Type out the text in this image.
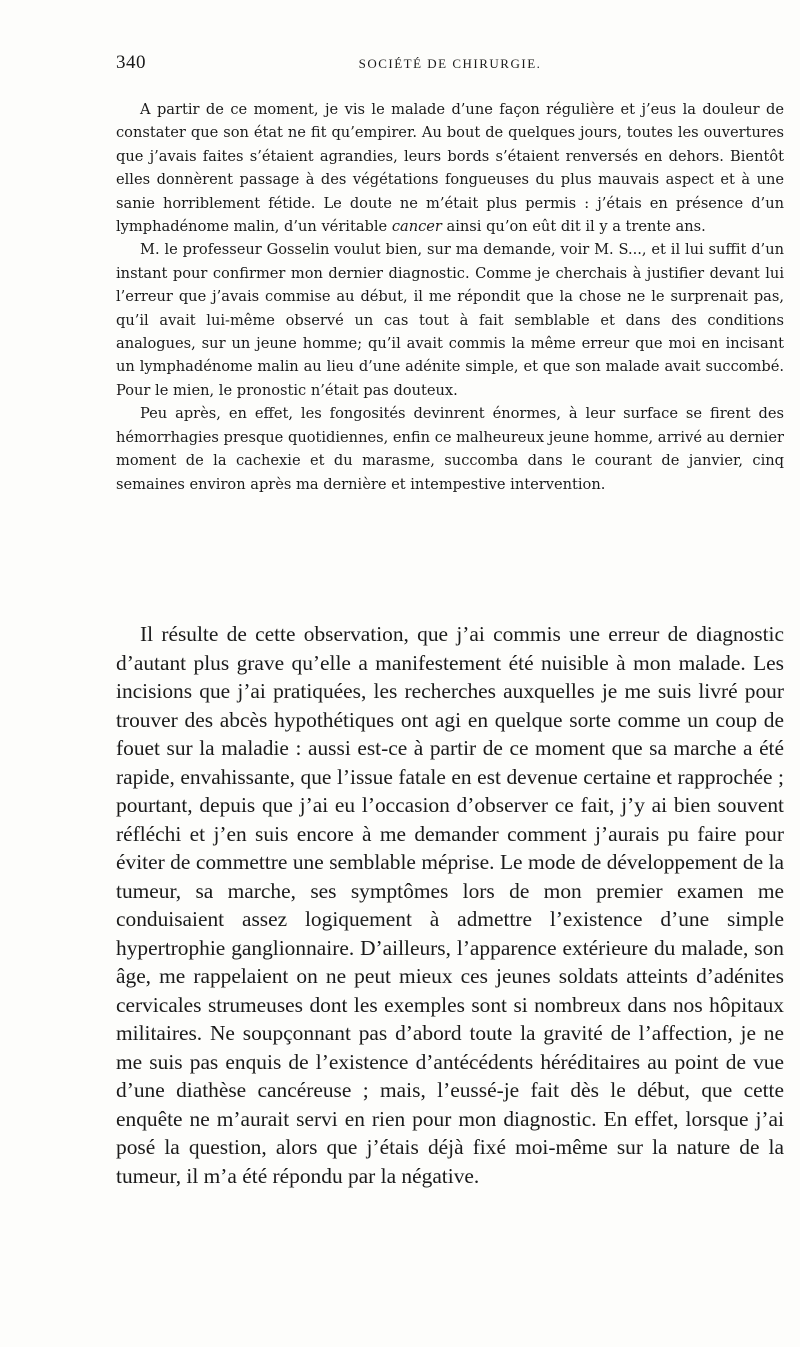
340	SOCIÉTÉ DE CHIRURGIE.

A partir de ce moment, je vis le malade d’une façon régulière et j’eus la douleur de constater que son état ne fit qu’empirer. Au bout de quelques jours, toutes les ouvertures que j’avais faites s’étaient agrandies, leurs bords s’étaient renversés en dehors. Bientôt elles donnèrent passage à des végétations fongueuses du plus mauvais aspect et à une sanie horriblement fétide. Le doute ne m’était plus permis : j’étais en présence d’un lymphadénome malin, d’un véritable cancer ainsi qu’on eût dit il y a trente ans.

M. le professeur Gosselin voulut bien, sur ma demande, voir M. S..., et il lui suffit d’un instant pour confirmer mon dernier diagnostic. Comme je cherchais à justifier devant lui l’erreur que j’avais commise au début, il me répondit que la chose ne le surprenait pas, qu’il avait lui-même observé un cas tout à fait semblable et dans des conditions analogues, sur un jeune homme; qu’il avait commis la même erreur que moi en incisant un lymphadénome malin au lieu d’une adénite simple, et que son malade avait succombé. Pour le mien, le pronostic n’était pas douteux.

Peu après, en effet, les fongosités devinrent énormes, à leur surface se firent des hémorrhagies presque quotidiennes, enfin ce malheureux jeune homme, arrivé au dernier moment de la cachexie et du marasme, succomba dans le courant de janvier, cinq semaines environ après ma dernière et intempestive intervention.

Il résulte de cette observation, que j’ai commis une erreur de diagnostic d’autant plus grave qu’elle a manifestement été nuisible à mon malade. Les incisions que j’ai pratiquées, les recherches auxquelles je me suis livré pour trouver des abcès hypothétiques ont agi en quelque sorte comme un coup de fouet sur la maladie : aussi est-ce à partir de ce moment que sa marche a été rapide, envahissante, que l’issue fatale en est devenue certaine et rapprochée ; pourtant, depuis que j’ai eu l’occasion d’observer ce fait, j’y ai bien souvent réfléchi et j’en suis encore à me demander comment j’aurais pu faire pour éviter de commettre une semblable méprise. Le mode de développement de la tumeur, sa marche, ses symptômes lors de mon premier examen me conduisaient assez logiquement à admettre l’existence d’une simple hypertrophie ganglionnaire. D’ailleurs, l’apparence extérieure du malade, son âge, me rappelaient on ne peut mieux ces jeunes soldats atteints d’adénites cervicales strumeuses dont les exemples sont si nombreux dans nos hôpitaux militaires. Ne soupçonnant pas d’abord toute la gravité de l’affection, je ne me suis pas enquis de l’existence d’antécédents héréditaires au point de vue d’une diathèse cancéreuse ; mais, l’eussé-je fait dès le début, que cette enquête ne m’aurait servi en rien pour mon diagnostic. En effet, lorsque j’ai posé la question, alors que j’étais déjà fixé moi-même sur la nature de la tumeur, il m’a été répondu par la négative.
